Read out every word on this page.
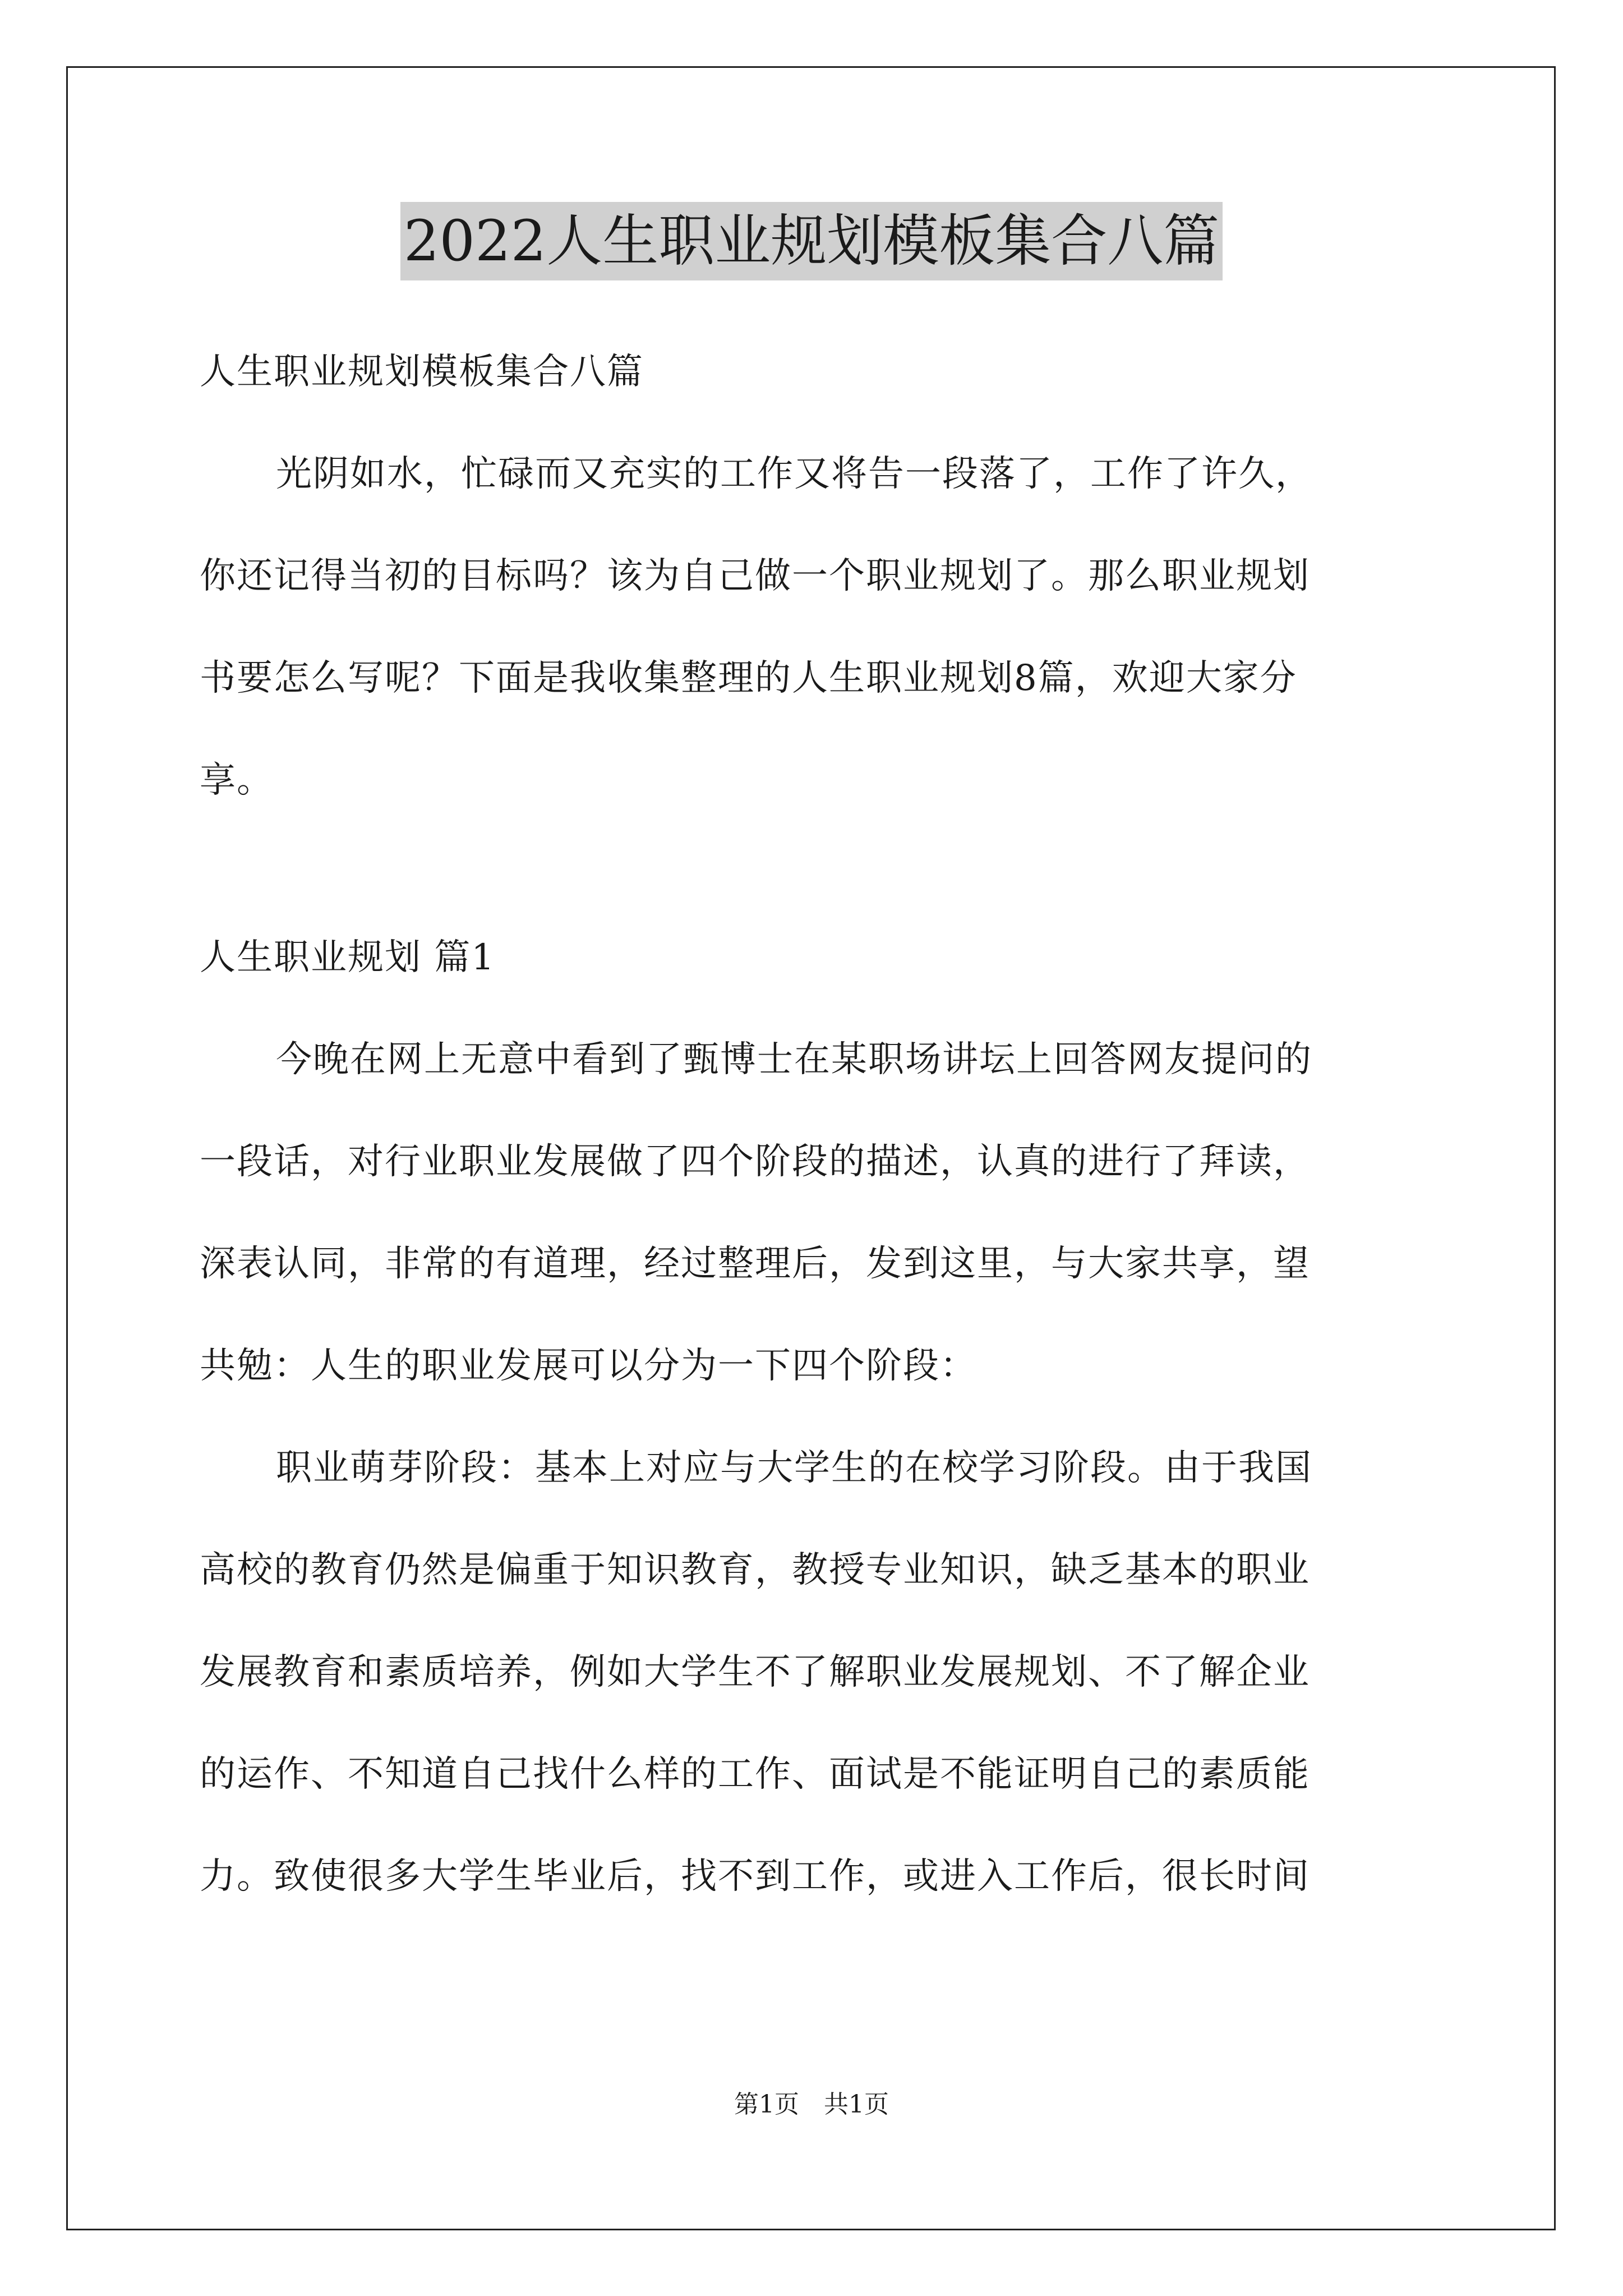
2022人生职业规划模板集合八篇
人生职业规划模板集合八篇
光阴如水，忙碌而又充实的工作又将告一段落了，工作了许久，
你还记得当初的目标吗？该为自己做一个职业规划了。那么职业规划
书要怎么写呢？下面是我收集整理的人生职业规划8篇，欢迎大家分
享。
人生职业规划 篇1
今晚在网上无意中看到了甄博士在某职场讲坛上回答网友提问的
一段话，对行业职业发展做了四个阶段的描述，认真的进行了拜读，
深表认同，非常的有道理，经过整理后，发到这里，与大家共享，望
共勉：人生的职业发展可以分为一下四个阶段：
职业萌芽阶段：基本上对应与大学生的在校学习阶段。由于我国
高校的教育仍然是偏重于知识教育，教授专业知识，缺乏基本的职业
发展教育和素质培养，例如大学生不了解职业发展规划、不了解企业
的运作、不知道自己找什么样的工作、面试是不能证明自己的素质能
力。致使很多大学生毕业后，找不到工作，或进入工作后，很长时间
第1页　共1页
